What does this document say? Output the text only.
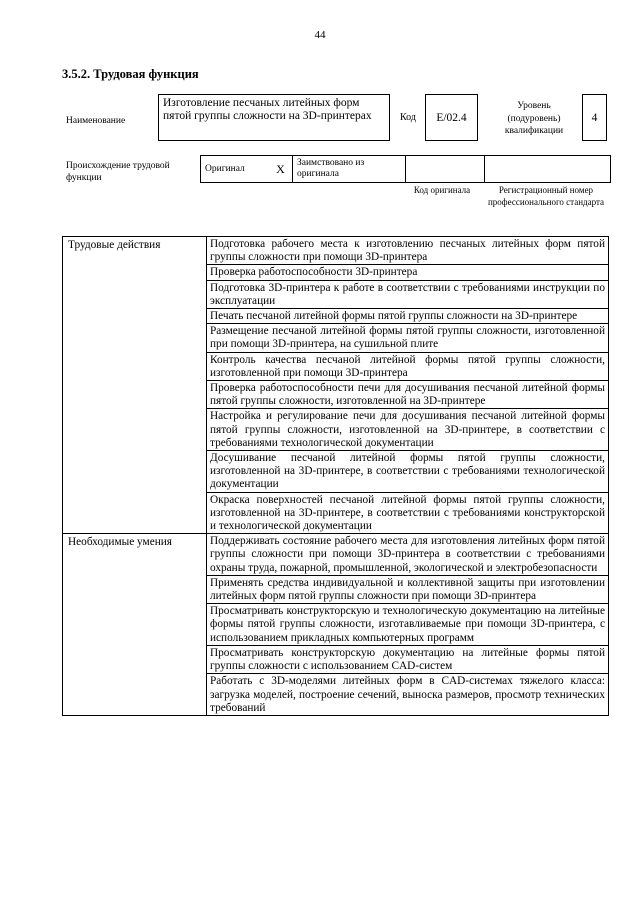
44
3.5.2. Трудовая функция
Наименование
Изготовление песчаных литейных форм пятой группы сложности на 3D-принтерах	Код E/02.4
Уровень (подуровень) квалификации
4
Происхождение трудовой функции
Оригинал	X	Заимствовано из оригинала
Код оригинала	Регистрационный номер профессионального стандарта
Трудовые действия	Подготовка рабочего места к изготовлению песчаных литейных форм пятой группы сложности при помощи 3D-принтера
	Проверка работоспособности 3D-принтера
	Подготовка 3D-принтера к работе в соответствии с требованиями инструкции по эксплуатации
	Печать песчаной литейной формы пятой группы сложности на 3D-принтере
	Размещение песчаной литейной формы пятой группы сложности, изготовленной при помощи 3D-принтера, на сушильной плите
	Контроль качества песчаной литейной формы пятой группы сложности, изготовленной при помощи 3D-принтера
	Проверка работоспособности печи для досушивания песчаной литейной формы пятой группы сложности, изготовленной на 3D-принтере
	Настройка и регулирование печи для досушивания песчаной литейной формы пятой группы сложности, изготовленной на 3D-принтере, в соответствии с требованиями технологической документации
	Досушивание песчаной литейной формы пятой группы сложности, изготовленной на 3D-принтере, в соответствии с требованиями технологической документации
	Окраска поверхностей песчаной литейной формы пятой группы сложности, изготовленной на 3D-принтере, в соответствии с требованиями конструкторской и технологической документации
Необходимые умения	Поддерживать состояние рабочего места для изготовления литейных форм пятой группы сложности при помощи 3D-принтера в соответствии с требованиями охраны труда, пожарной, промышленной, экологической и электробезопасности
	Применять средства индивидуальной и коллективной защиты при изготовлении литейных форм пятой группы сложности при помощи 3D-принтера
	Просматривать конструкторскую и технологическую документацию на литейные формы пятой группы сложности, изготавливаемые при помощи 3D-принтера, с использованием прикладных компьютерных программ
	Просматривать конструкторскую документацию на литейные формы пятой группы сложности с использованием CAD-систем
	Работать с 3D-моделями литейных форм в CAD-системах тяжелого класса: загрузка моделей, построение сечений, выноска размеров, просмотр технических требований
